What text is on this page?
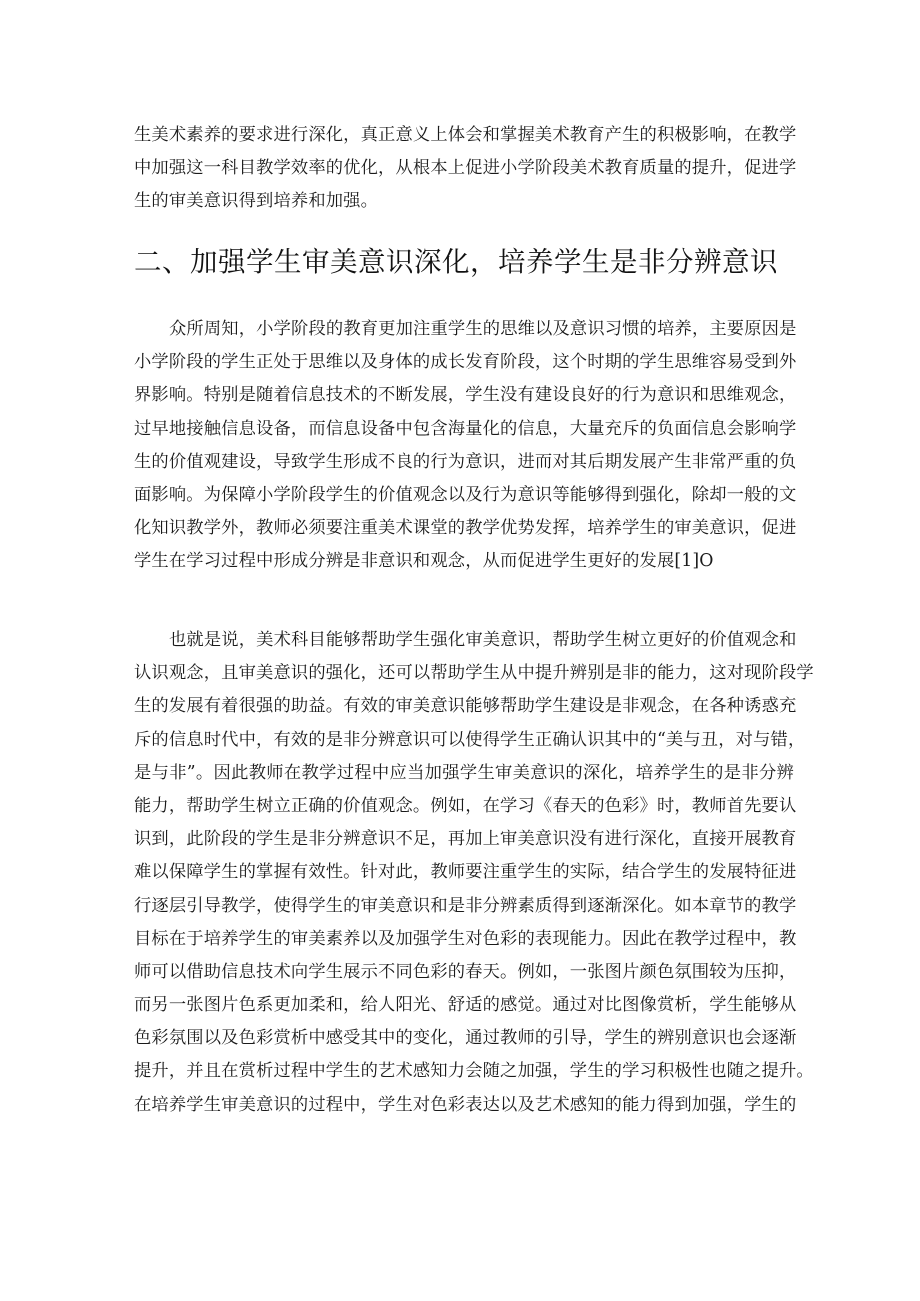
生美术素养的要求进行深化，真正意义上体会和掌握美术教育产生的积极影响，在教学
中加强这一科目教学效率的优化，从根本上促进小学阶段美术教育质量的提升，促进学
生的审美意识得到培养和加强。
二、加强学生审美意识深化，培养学生是非分辨意识
众所周知，小学阶段的教育更加注重学生的思维以及意识习惯的培养，主要原因是
小学阶段的学生正处于思维以及身体的成长发育阶段，这个时期的学生思维容易受到外
界影响。特别是随着信息技术的不断发展，学生没有建设良好的行为意识和思维观念，
过早地接触信息设备，而信息设备中包含海量化的信息，大量充斥的负面信息会影响学
生的价值观建设，导致学生形成不良的行为意识，进而对其后期发展产生非常严重的负
面影响。为保障小学阶段学生的价值观念以及行为意识等能够得到强化，除却一般的文
化知识教学外，教师必须要注重美术课堂的教学优势发挥，培养学生的审美意识，促进
学生在学习过程中形成分辨是非意识和观念，从而促进学生更好的发展[1]O
也就是说，美术科目能够帮助学生强化审美意识，帮助学生树立更好的价值观念和
认识观念，且审美意识的强化，还可以帮助学生从中提升辨别是非的能力，这对现阶段学
生的发展有着很强的助益。有效的审美意识能够帮助学生建设是非观念，在各种诱惑充
斥的信息时代中，有效的是非分辨意识可以使得学生正确认识其中的“美与丑，对与错，
是与非”。因此教师在教学过程中应当加强学生审美意识的深化，培养学生的是非分辨
能力，帮助学生树立正确的价值观念。例如，在学习《春天的色彩》时，教师首先要认
识到，此阶段的学生是非分辨意识不足，再加上审美意识没有进行深化，直接开展教育
难以保障学生的掌握有效性。针对此，教师要注重学生的实际，结合学生的发展特征进
行逐层引导教学，使得学生的审美意识和是非分辨素质得到逐渐深化。如本章节的教学
目标在于培养学生的审美素养以及加强学生对色彩的表现能力。因此在教学过程中，教
师可以借助信息技术向学生展示不同色彩的春天。例如，一张图片颜色氛围较为压抑，
而另一张图片色系更加柔和，给人阳光、舒适的感觉。通过对比图像赏析，学生能够从
色彩氛围以及色彩赏析中感受其中的变化，通过教师的引导，学生的辨别意识也会逐渐
提升，并且在赏析过程中学生的艺术感知力会随之加强，学生的学习积极性也随之提升。
在培养学生审美意识的过程中，学生对色彩表达以及艺术感知的能力得到加强，学生的
